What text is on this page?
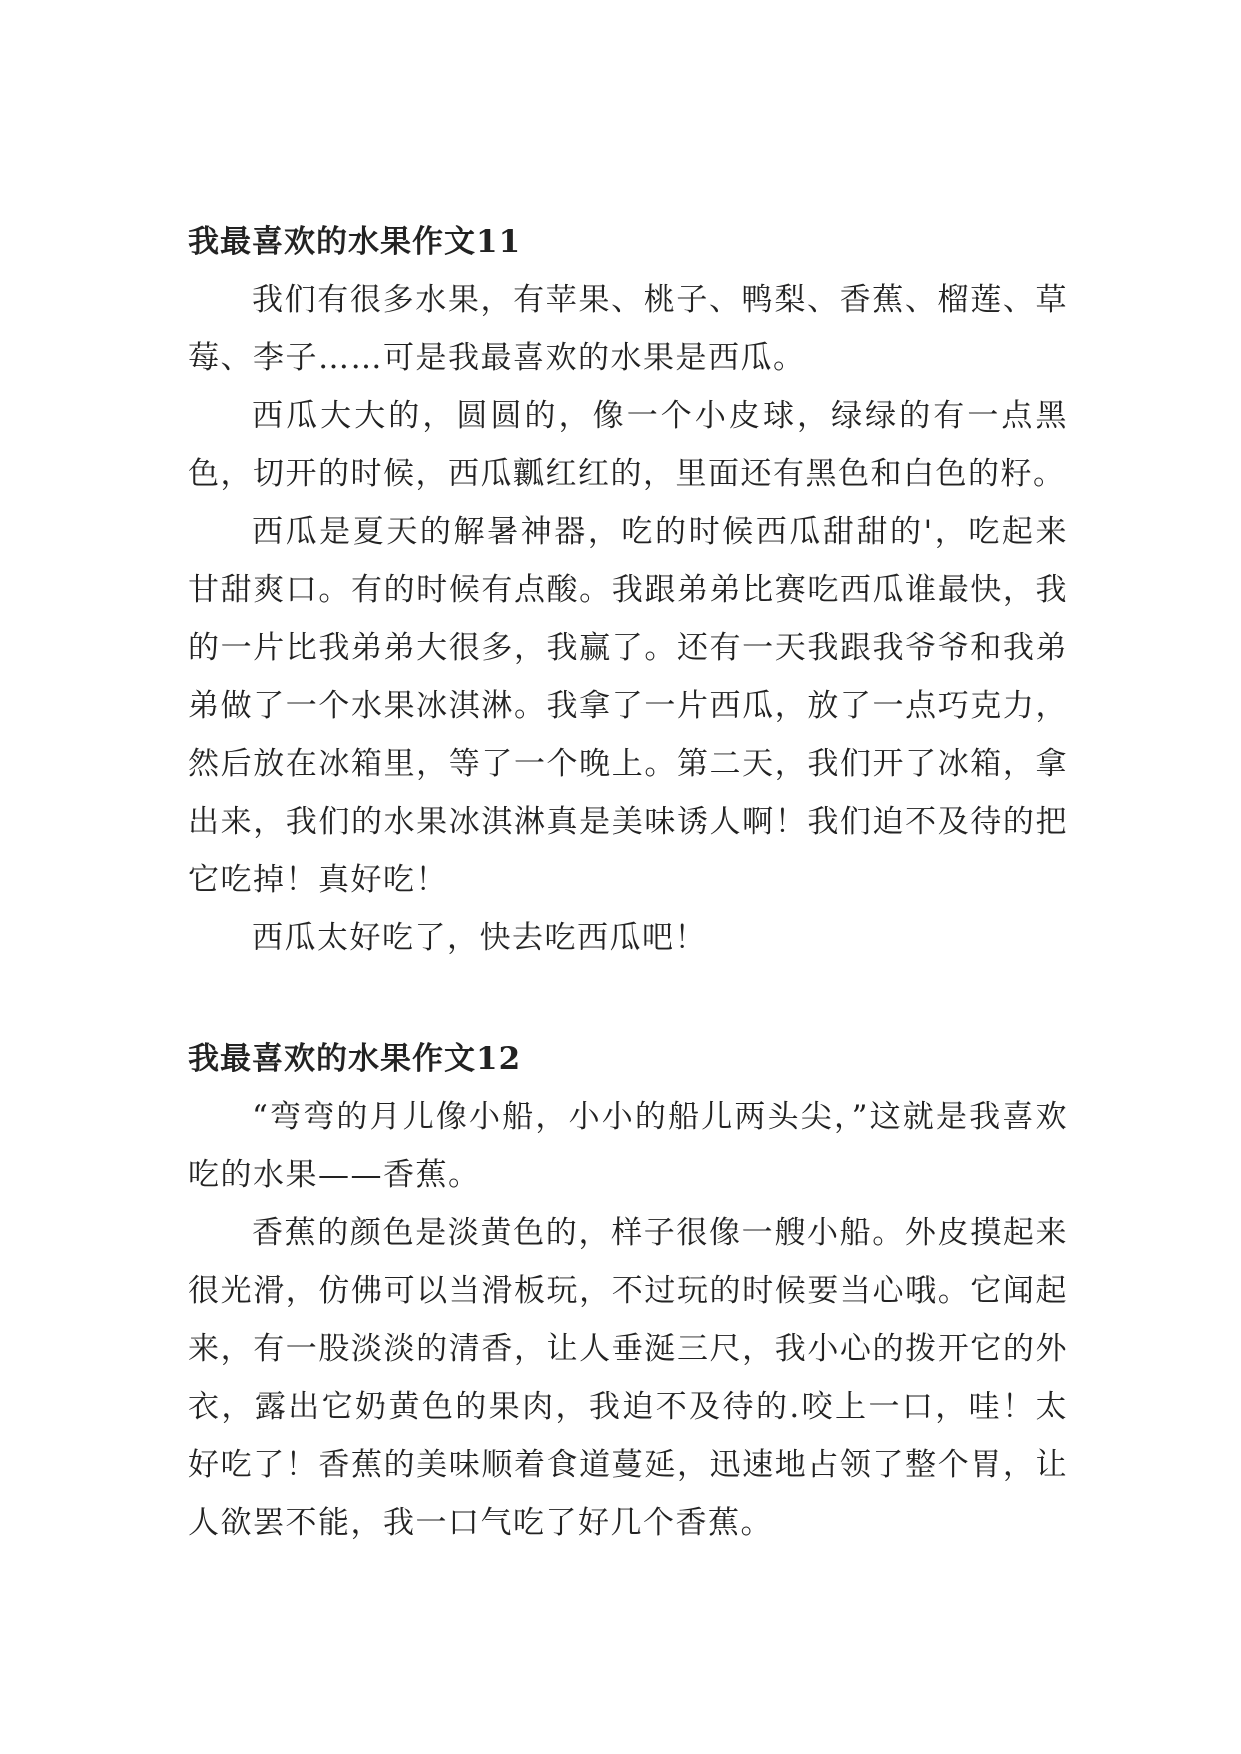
我最喜欢的水果作文11

我们有很多水果，有苹果、桃子、鸭梨、香蕉、榴莲、草莓、李子……可是我最喜欢的水果是西瓜。

西瓜大大的，圆圆的，像一个小皮球，绿绿的有一点黑色，切开的时候，西瓜瓤红红的，里面还有黑色和白色的籽。

西瓜是夏天的解暑神器，吃的时候西瓜甜甜的'，吃起来甘甜爽口。有的时候有点酸。我跟弟弟比赛吃西瓜谁最快，我的一片比我弟弟大很多，我赢了。还有一天我跟我爷爷和我弟弟做了一个水果冰淇淋。我拿了一片西瓜，放了一点巧克力，然后放在冰箱里，等了一个晚上。第二天，我们开了冰箱，拿出来，我们的水果冰淇淋真是美味诱人啊！我们迫不及待的把它吃掉！真好吃！

西瓜太好吃了，快去吃西瓜吧！

我最喜欢的水果作文12

“弯弯的月儿像小船，小小的船儿两头尖，”这就是我喜欢吃的水果——香蕉。

香蕉的颜色是淡黄色的，样子很像一艘小船。外皮摸起来很光滑，仿佛可以当滑板玩，不过玩的时候要当心哦。它闻起来，有一股淡淡的清香，让人垂涎三尺，我小心的拨开它的外衣，露出它奶黄色的果肉，我迫不及待的.咬上一口，哇！太好吃了！香蕉的美味顺着食道蔓延，迅速地占领了整个胃，让人欲罢不能，我一口气吃了好几个香蕉。
